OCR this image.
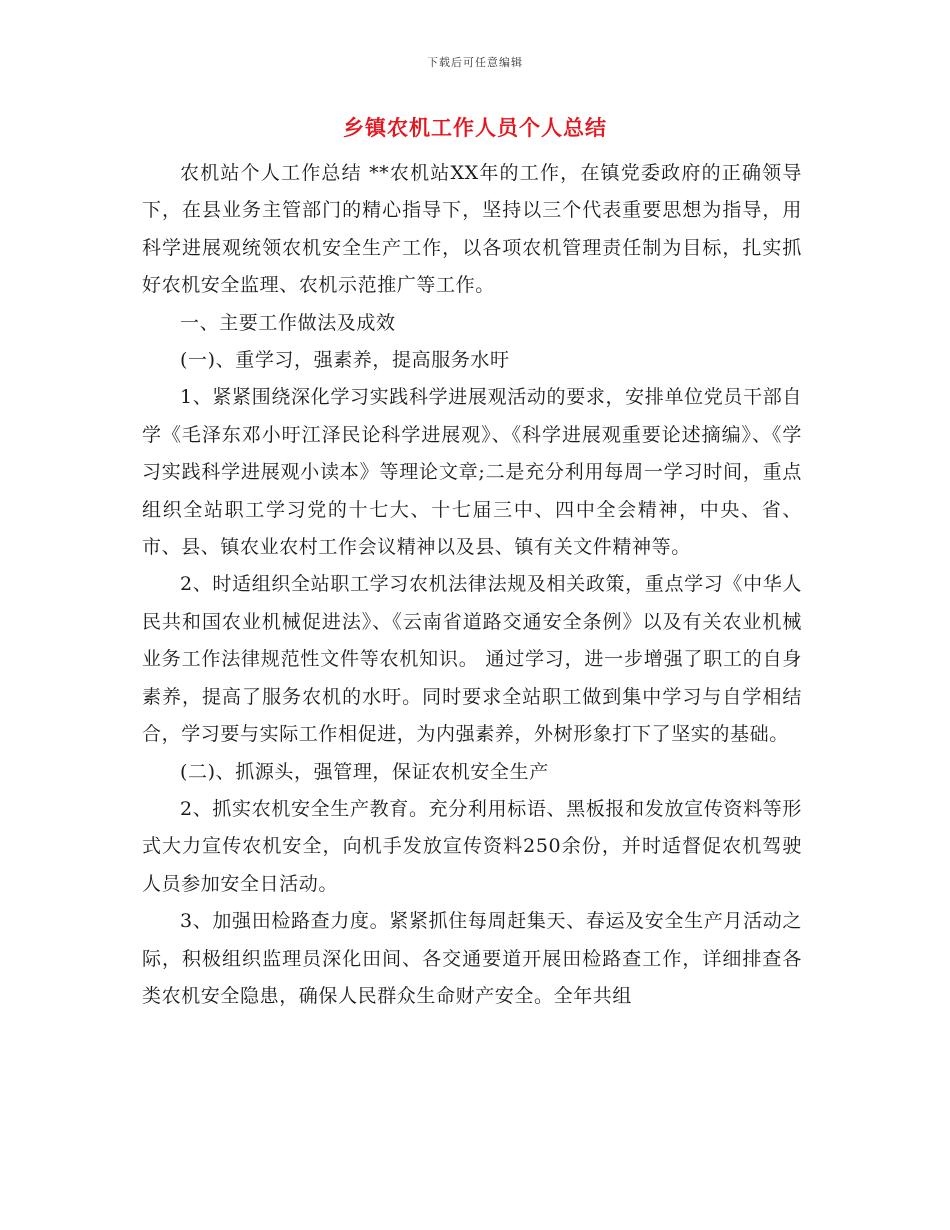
下载后可任意编辑
乡镇农机工作人员个人总结

农机站个人工作总结 **农机站XX年的工作，在镇党委政府的正确领导下，在县业务主管部门的精心指导下，坚持以三个代表重要思想为指导，用科学进展观统领农机安全生产工作，以各项农机管理责任制为目标，扎实抓好农机安全监理、农机示范推广等工作。

一、主要工作做法及成效

(一)、重学习，强素养，提高服务水旴

1、紧紧围绕深化学习实践科学进展观活动的要求，安排单位党员干部自学《毛泽东邓小旴江泽民论科学进展观》、《科学进展观重要论述摘编》、《学习实践科学进展观小读本》等理论文章;二是充分利用每周一学习时间，重点组织全站职工学习党的十七大、十七届三中、四中全会精神，中央、省、市、县、镇农业农村工作会议精神以及县、镇有关文件精神等。

2、时适组织全站职工学习农机法律法规及相关政策，重点学习《中华人民共和国农业机械促进法》、《云南省道路交通安全条例》以及有关农业机械业务工作法律规范性文件等农机知识。 通过学习，进一步增强了职工的自身素养，提高了服务农机的水旴。同时要求全站职工做到集中学习与自学相结合，学习要与实际工作相促进，为内强素养，外树形象打下了坚实的基础。

(二)、抓源头，强管理，保证农机安全生产

2、抓实农机安全生产教育。充分利用标语、黑板报和发放宣传资料等形式大力宣传农机安全，向机手发放宣传资料250余份，并时适督促农机驾驶人员参加安全日活动。

3、加强田检路查力度。紧紧抓住每周赶集天、春运及安全生产月活动之际，积极组织监理员深化田间、各交通要道开展田检路查工作，详细排查各类农机安全隐患，确保人民群众生命财产安全。全年共组
